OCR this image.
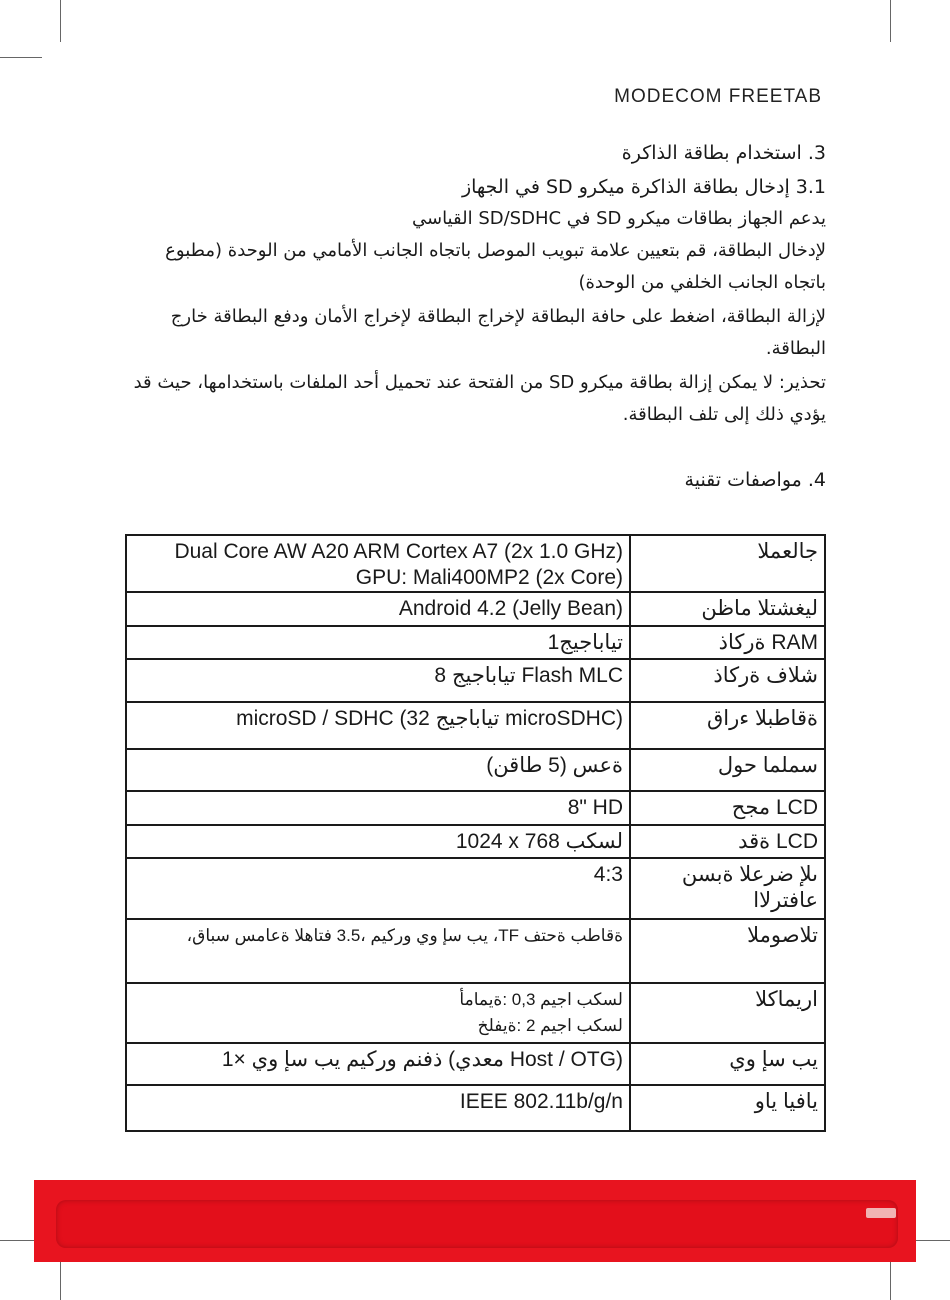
MODECOM FREETAB
3. استخدام بطاقة الذاكرة
3.1 إدخال بطاقة الذاكرة ميكرو SD في الجهاز
يدعم الجهاز بطاقات ميكرو SD في SD/SDHC القياسي
لإدخال البطاقة، قم بتعيين علامة تبويب الموصل باتجاه الجانب الأمامي من الوحدة (مطبوع
باتجاه الجانب الخلفي من الوحدة)
لإزالة البطاقة، اضغط على حافة البطاقة لإخراج البطاقة لإخراج الأمان ودفع البطاقة خارج
البطاقة.
تحذير: لا يمكن إزالة بطاقة ميكرو SD من الفتحة عند تحميل أحد الملفات باستخدامها، حيث قد
يؤدي ذلك إلى تلف البطاقة.
4. مواصفات تقنية
Dual Core AW A20 ARM Cortex A7 (2x 1.0 GHz)
GPU: Mali400MP2 (2x Core)	جالعملا

Android 4.2 (Jelly Bean)	ليغشتلا ماظن

1تياباجيج	RAM ةركاذ

8 تياباجيج Flash MLC	شلاف ةركاذ

microSD / SDHC (32 تياباجيج microSDHC)	ةقاطبلا ءراق

ةعس (5 طاقن)	سملما حول

8" HD	LCD مجح

1024 x 768 لسكب	LCD ةقد

4:3	ىلإ ضرعلا ةبسن عافترلاا

،يب سإ وي وركيم ،3.5 فتاهلا ةعامس سباق ،TF ةقاطب ةحتف	تلاصوملا

لسكب اجيم 0,3 :ةيمامأ
لسكب اجيم 2 :ةيفلخ	اريماكلا

1× ذفنم وركيم يب سإ وي (معدي Host / OTG)	يب سإ وي

IEEE 802.11b/g/n	يافيا ياو
